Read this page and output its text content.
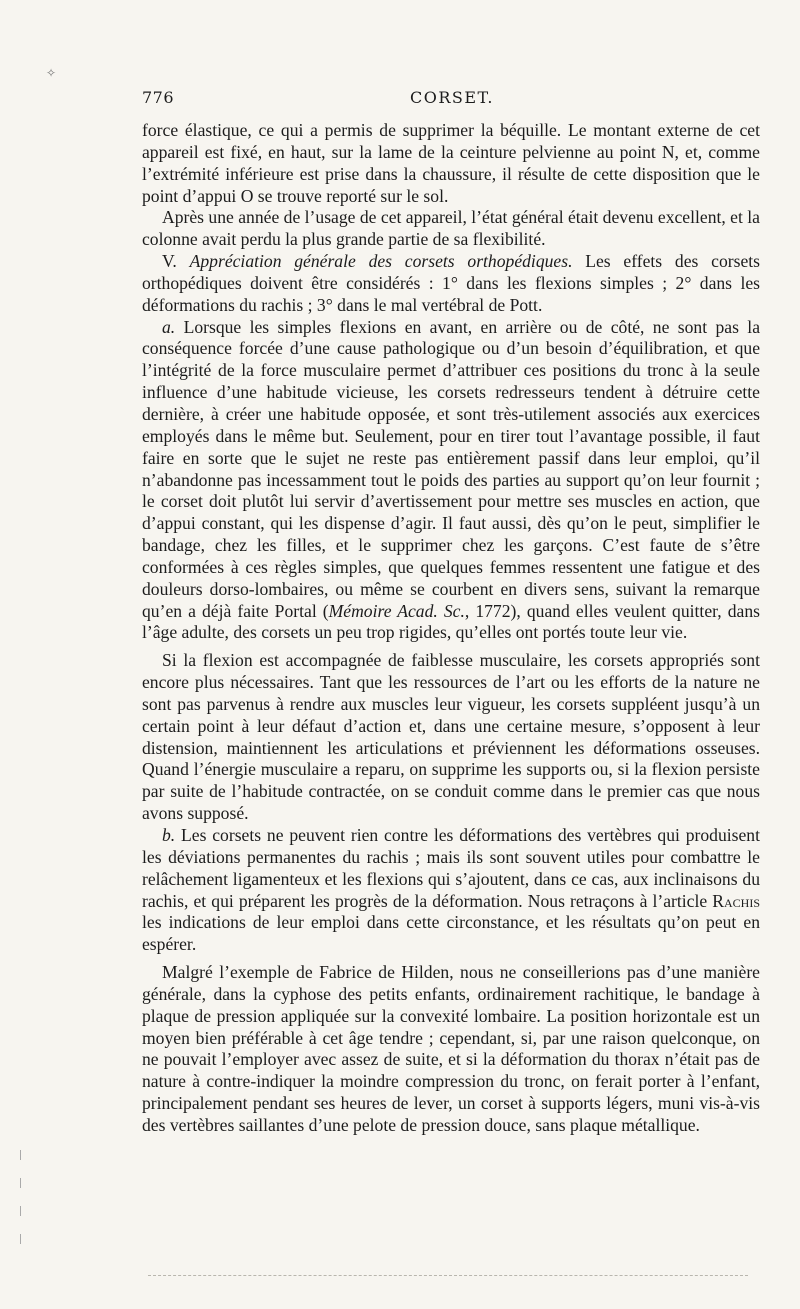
✧
776	CORSET.

force élastique, ce qui a permis de supprimer la béquille. Le montant externe de cet appareil est fixé, en haut, sur la lame de la ceinture pelvienne au point N, et, comme l’extrémité inférieure est prise dans la chaussure, il résulte de cette disposition que le point d’appui O se trouve reporté sur le sol.

Après une année de l’usage de cet appareil, l’état général était devenu excellent, et la colonne avait perdu la plus grande partie de sa flexibilité.

V. Appréciation générale des corsets orthopédiques. Les effets des corsets orthopédiques doivent être considérés : 1° dans les flexions simples ; 2° dans les déformations du rachis ; 3° dans le mal vertébral de Pott.

a. Lorsque les simples flexions en avant, en arrière ou de côté, ne sont pas la conséquence forcée d’une cause pathologique ou d’un besoin d’équilibration, et que l’intégrité de la force musculaire permet d’attribuer ces positions du tronc à la seule influence d’une habitude vicieuse, les corsets redresseurs tendent à détruire cette dernière, à créer une habitude opposée, et sont très-utilement associés aux exercices employés dans le même but. Seulement, pour en tirer tout l’avantage possible, il faut faire en sorte que le sujet ne reste pas entièrement passif dans leur emploi, qu’il n’abandonne pas incessamment tout le poids des parties au support qu’on leur fournit ; le corset doit plutôt lui servir d’avertissement pour mettre ses muscles en action, que d’appui constant, qui les dispense d’agir. Il faut aussi, dès qu’on le peut, simplifier le bandage, chez les filles, et le supprimer chez les garçons. C’est faute de s’être conformées à ces règles simples, que quelques femmes ressentent une fatigue et des douleurs dorso-lombaires, ou même se courbent en divers sens, suivant la remarque qu’en a déjà faite Portal (Mémoire Acad. Sc., 1772), quand elles veulent quitter, dans l’âge adulte, des corsets un peu trop rigides, qu’elles ont portés toute leur vie.

Si la flexion est accompagnée de faiblesse musculaire, les corsets appropriés sont encore plus nécessaires. Tant que les ressources de l’art ou les efforts de la nature ne sont pas parvenus à rendre aux muscles leur vigueur, les corsets suppléent jusqu’à un certain point à leur défaut d’action et, dans une certaine mesure, s’opposent à leur distension, maintiennent les articulations et préviennent les déformations osseuses. Quand l’énergie musculaire a reparu, on supprime les supports ou, si la flexion persiste par suite de l’habitude contractée, on se conduit comme dans le premier cas que nous avons supposé.

b. Les corsets ne peuvent rien contre les déformations des vertèbres qui produisent les déviations permanentes du rachis ; mais ils sont souvent utiles pour combattre le relâchement ligamenteux et les flexions qui s’ajoutent, dans ce cas, aux inclinaisons du rachis, et qui préparent les progrès de la déformation. Nous retraçons à l’article Rachis les indications de leur emploi dans cette circonstance, et les résultats qu’on peut en espérer.

Malgré l’exemple de Fabrice de Hilden, nous ne conseillerions pas d’une manière générale, dans la cyphose des petits enfants, ordinairement rachitique, le bandage à plaque de pression appliquée sur la convexité lombaire. La position horizontale est un moyen bien préférable à cet âge tendre ; cependant, si, par une raison quelconque, on ne pouvait l’employer avec assez de suite, et si la déformation du thorax n’était pas de nature à contre-indiquer la moindre compression du tronc, on ferait porter à l’enfant, principalement pendant ses heures de lever, un corset à supports légers, muni vis-à-vis des vertèbres saillantes d’une pelote de pression douce, sans plaque métallique.
